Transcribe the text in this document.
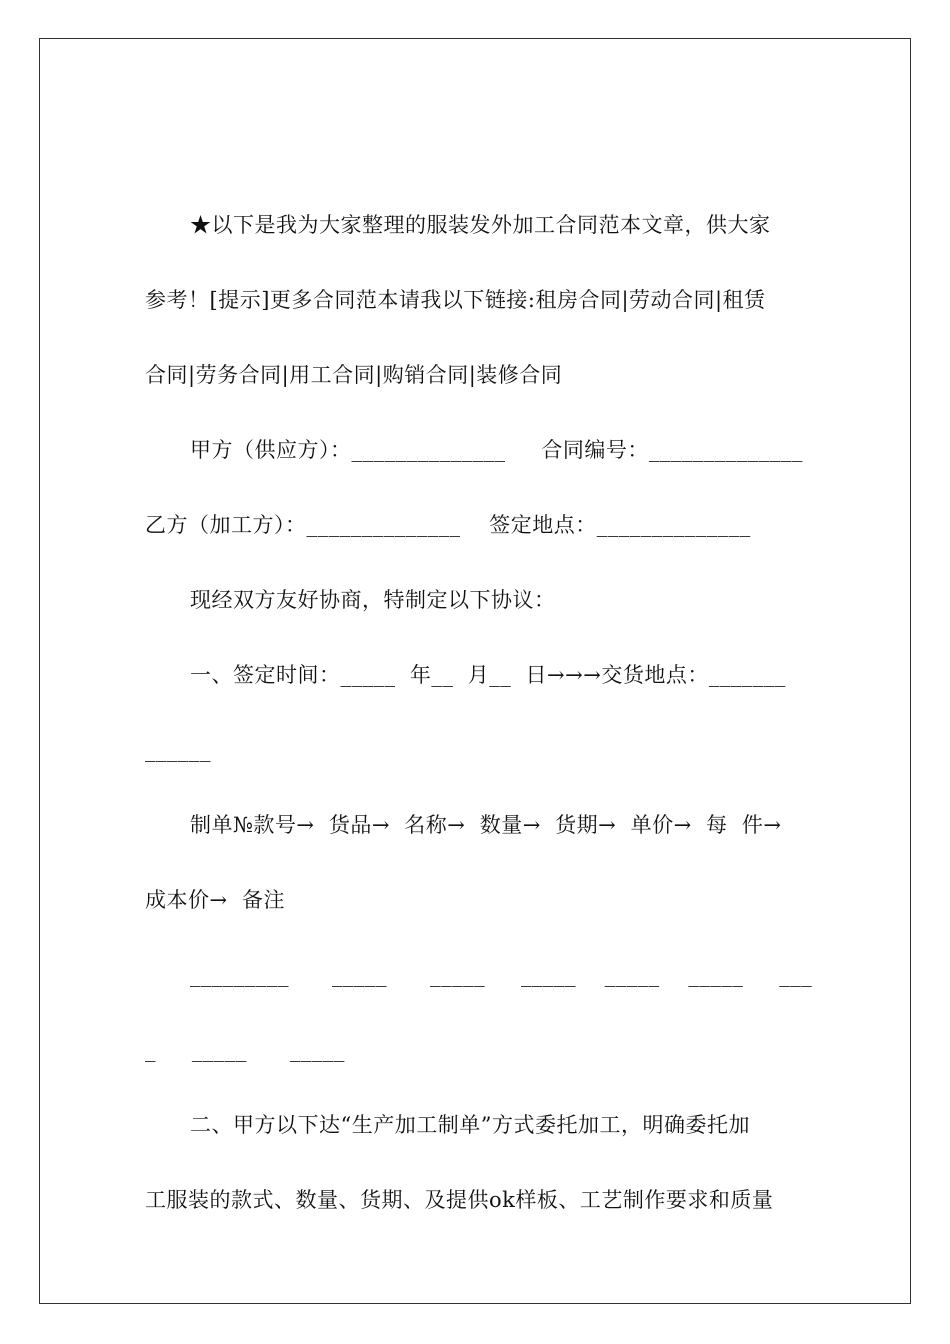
★以下是我为大家整理的服装发外加工合同范本文章，供大家
参考！[提示]更多合同范本请我以下链接:租房合同|劳动合同|租赁
合同|劳务合同|用工合同|购销合同|装修合同
甲方（供应方）：______________     合同编号：______________
乙方（加工方）：______________    签定地点：______________
现经双方友好协商，特制定以下协议：
一、签定时间：_____  年__  月__  日→→→交货地点：_______
______
制单№款号→  货品→  名称→  数量→  货期→  单价→  每  件→
成本价→  备注
_________      _____      _____     _____    _____    _____     ___
_     _____      _____
二、甲方以下达“生产加工制单”方式委托加工，明确委托加
工服装的款式、数量、货期、及提供ok样板、工艺制作要求和质量
